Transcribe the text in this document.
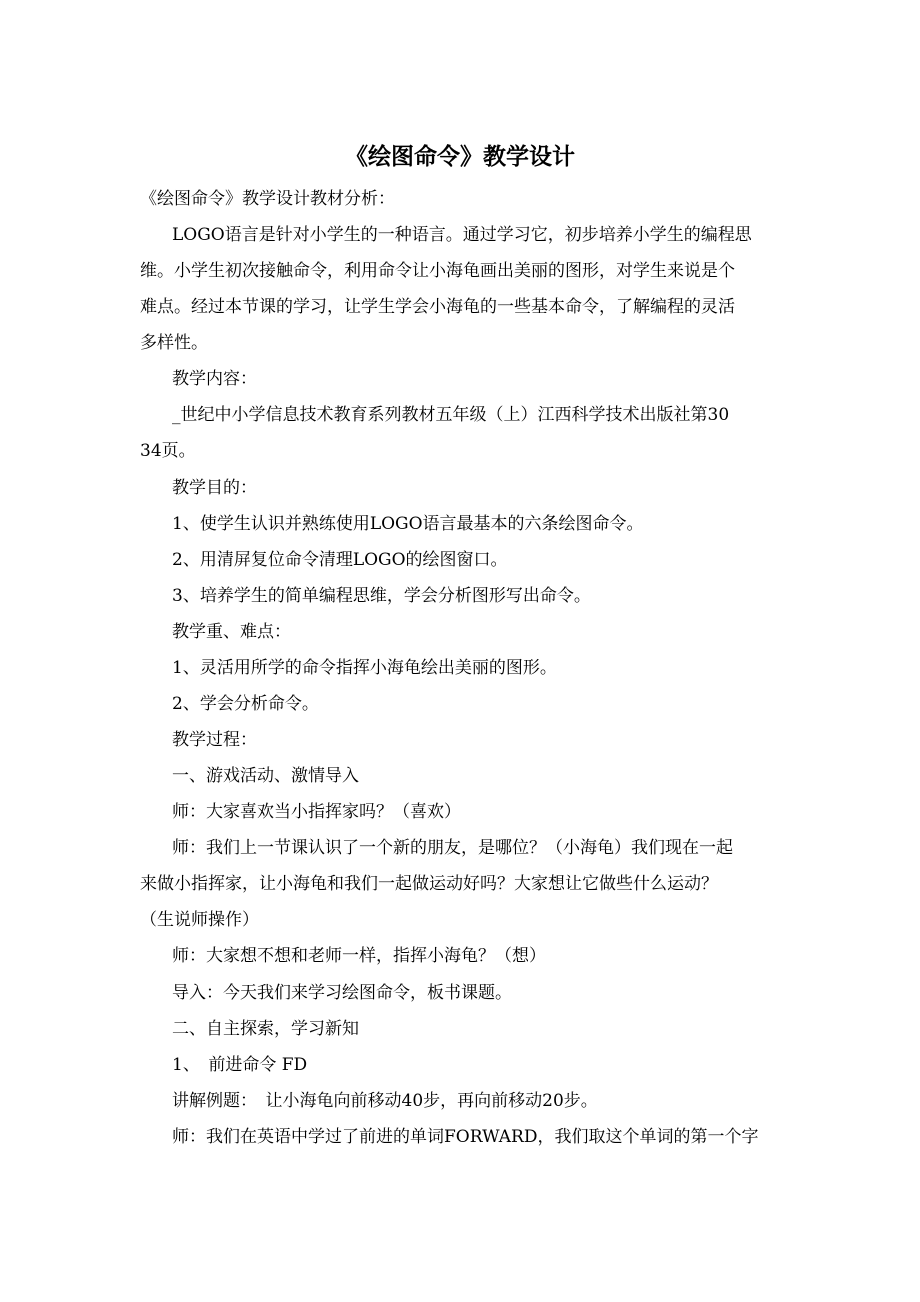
《绘图命令》教学设计
《绘图命令》教学设计教材分析：
LOGO语言是针对小学生的一种语言。通过学习它，初步培养小学生的编程思
维。小学生初次接触命令，利用命令让小海龟画出美丽的图形，对学生来说是个
难点。经过本节课的学习，让学生学会小海龟的一些基本命令，了解编程的灵活
多样性。
教学内容：
_世纪中小学信息技术教育系列教材五年级（上）江西科学技术出版社第30
34页。
教学目的：
1、使学生认识并熟练使用LOGO语言最基本的六条绘图命令。
2、用清屏复位命令清理LOGO的绘图窗口。
3、培养学生的简单编程思维，学会分析图形写出命令。
教学重、难点：
1、灵活用所学的命令指挥小海龟绘出美丽的图形。
2、学会分析命令。
教学过程：
一、游戏活动、激情导入
师：大家喜欢当小指挥家吗？（喜欢）
师：我们上一节课认识了一个新的朋友，是哪位？（小海龟）我们现在一起
来做小指挥家，让小海龟和我们一起做运动好吗？大家想让它做些什么运动？
（生说师操作）
师：大家想不想和老师一样，指挥小海龟？（想）
导入：今天我们来学习绘图命令，板书课题。
二、自主探索，学习新知
1、　前进命令 FD
讲解例题：　让小海龟向前移动40步，再向前移动20步。
师：我们在英语中学过了前进的单词FORWARD，我们取这个单词的第一个字
